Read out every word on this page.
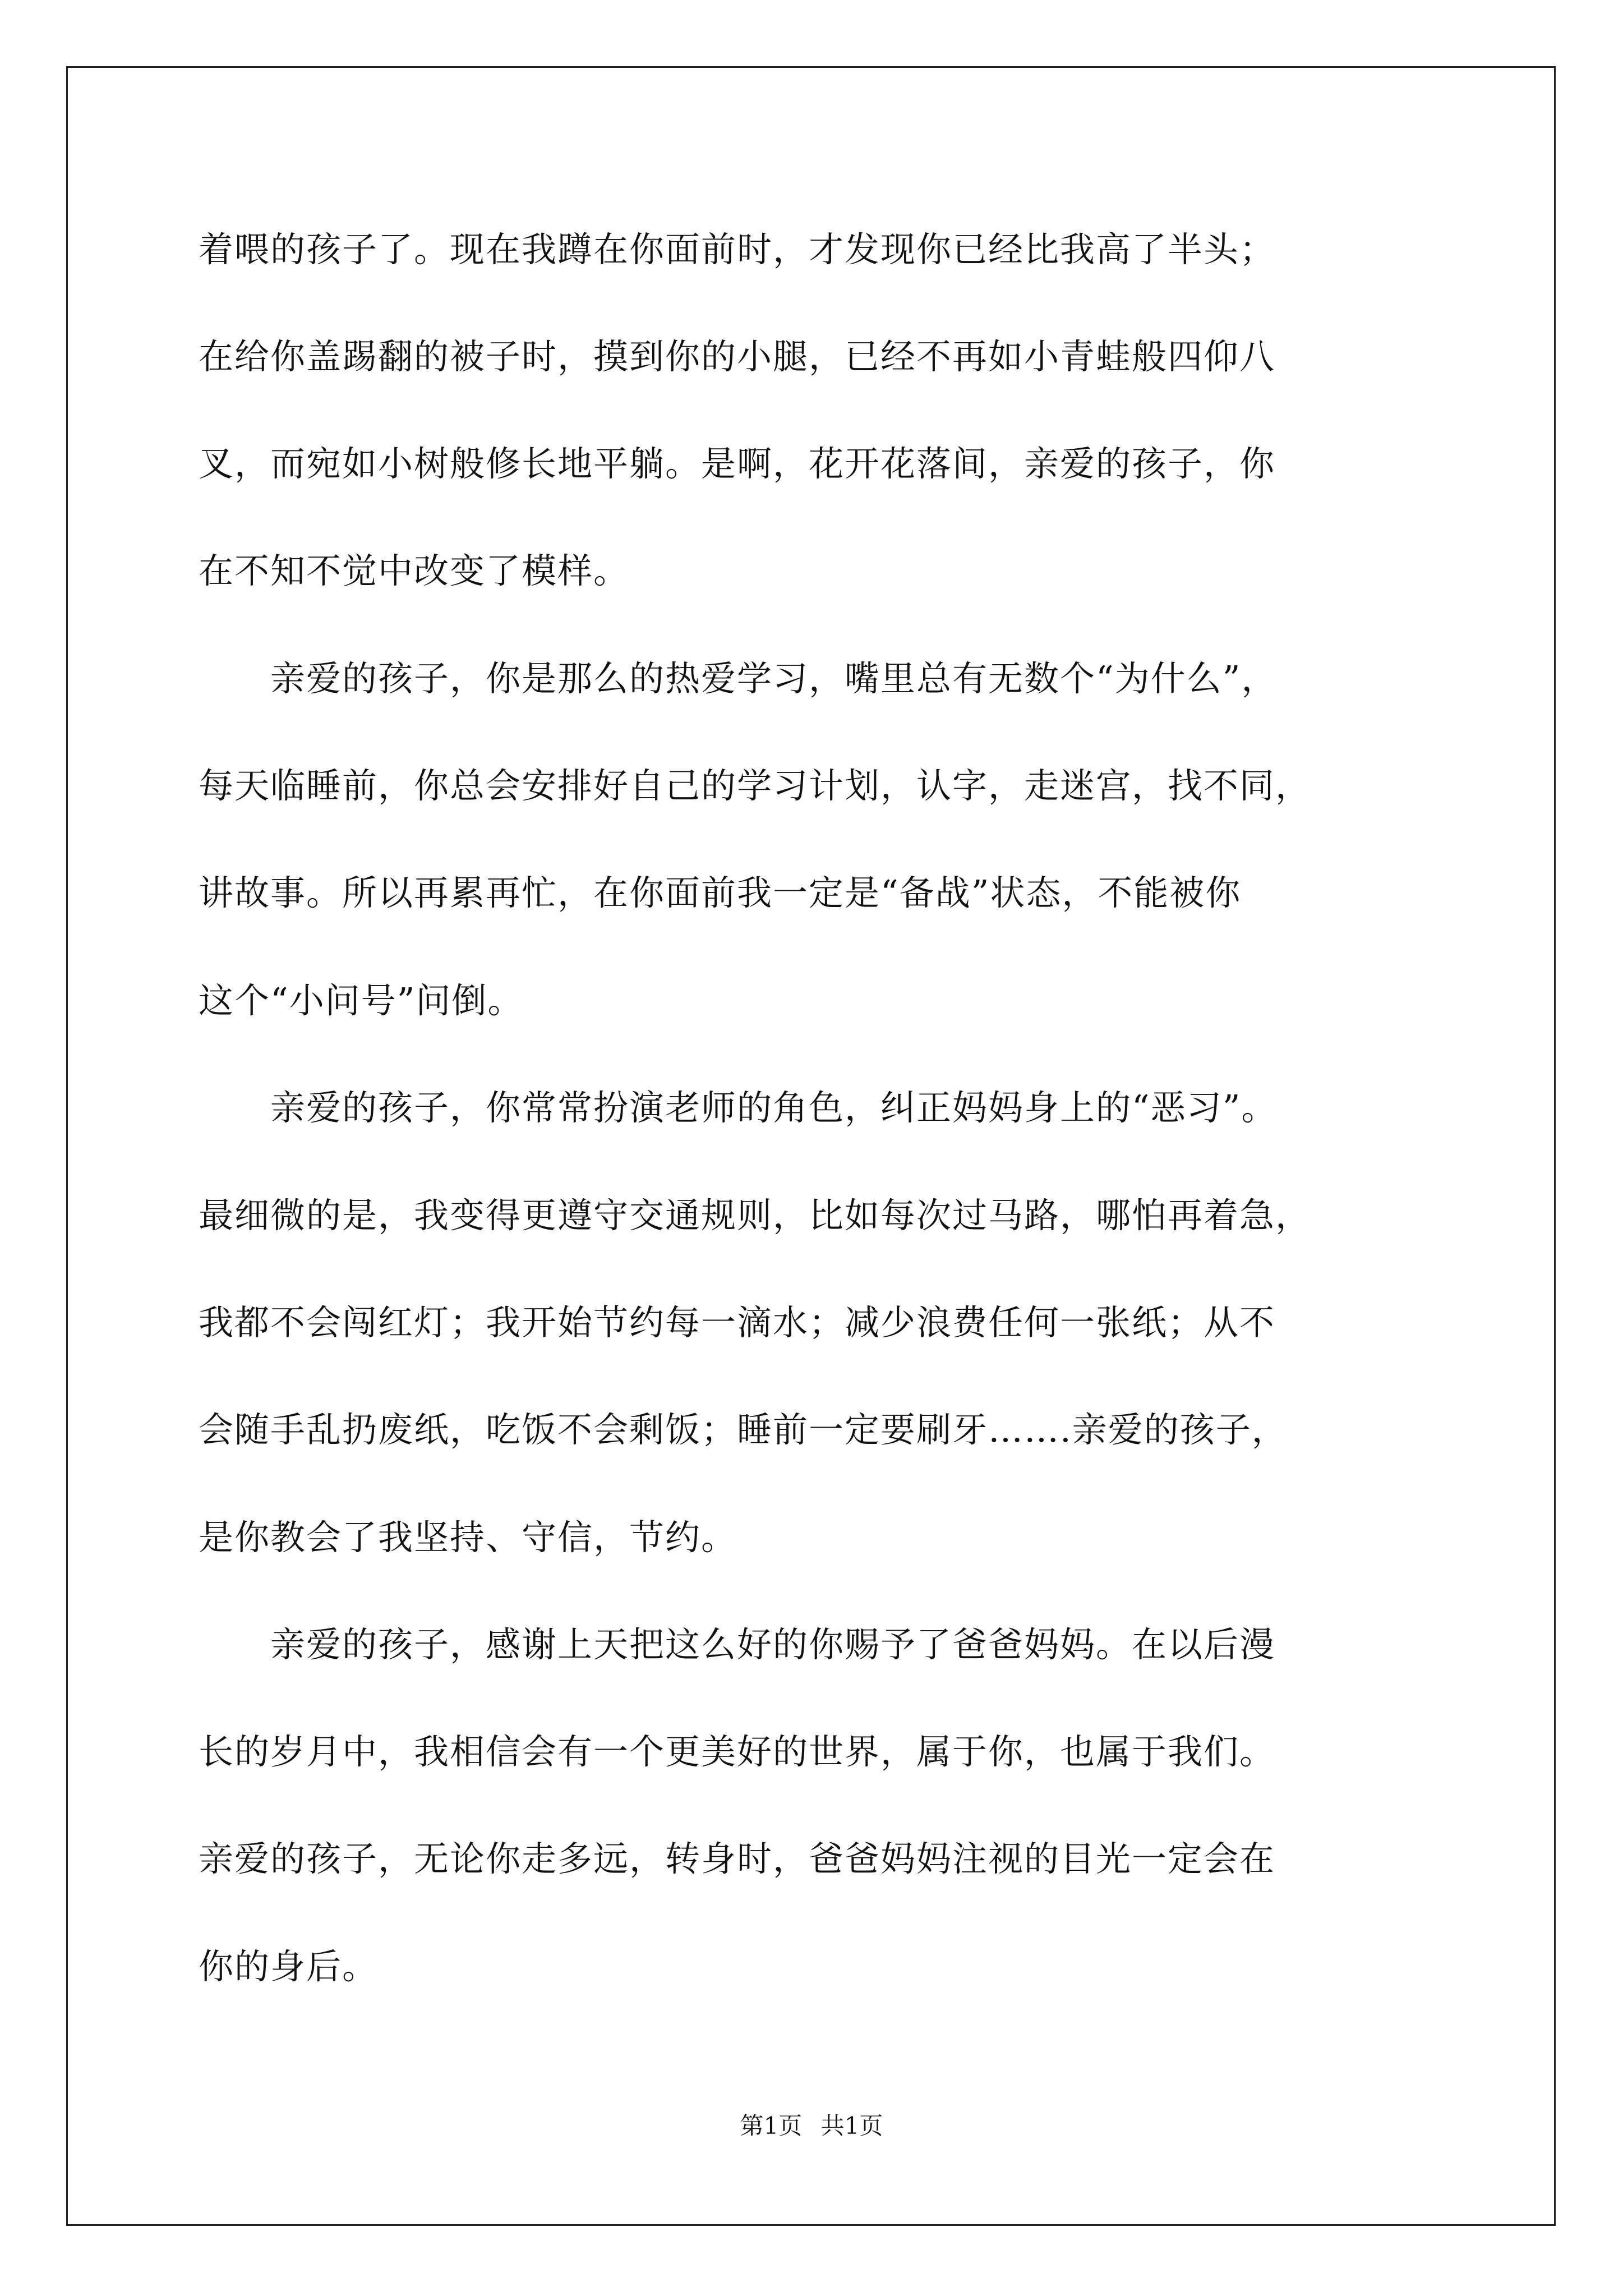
着喂的孩子了。现在我蹲在你面前时，才发现你已经比我高了半头；
在给你盖踢翻的被子时，摸到你的小腿，已经不再如小青蛙般四仰八
叉，而宛如小树般修长地平躺。是啊，花开花落间，亲爱的孩子，你
在不知不觉中改变了模样。
　　亲爱的孩子，你是那么的热爱学习，嘴里总有无数个“为什么”，
每天临睡前，你总会安排好自己的学习计划，认字，走迷宫，找不同，
讲故事。所以再累再忙，在你面前我一定是“备战”状态，不能被你
这个“小问号”问倒。
　　亲爱的孩子，你常常扮演老师的角色，纠正妈妈身上的“恶习”。
最细微的是，我变得更遵守交通规则，比如每次过马路，哪怕再着急，
我都不会闯红灯；我开始节约每一滴水；减少浪费任何一张纸；从不
会随手乱扔废纸，吃饭不会剩饭；睡前一定要刷牙…….亲爱的孩子，
是你教会了我坚持、守信，节约。
　　亲爱的孩子，感谢上天把这么好的你赐予了爸爸妈妈。在以后漫
长的岁月中，我相信会有一个更美好的世界，属于你，也属于我们。
亲爱的孩子，无论你走多远，转身时，爸爸妈妈注视的目光一定会在
你的身后。
第1页 共1页
